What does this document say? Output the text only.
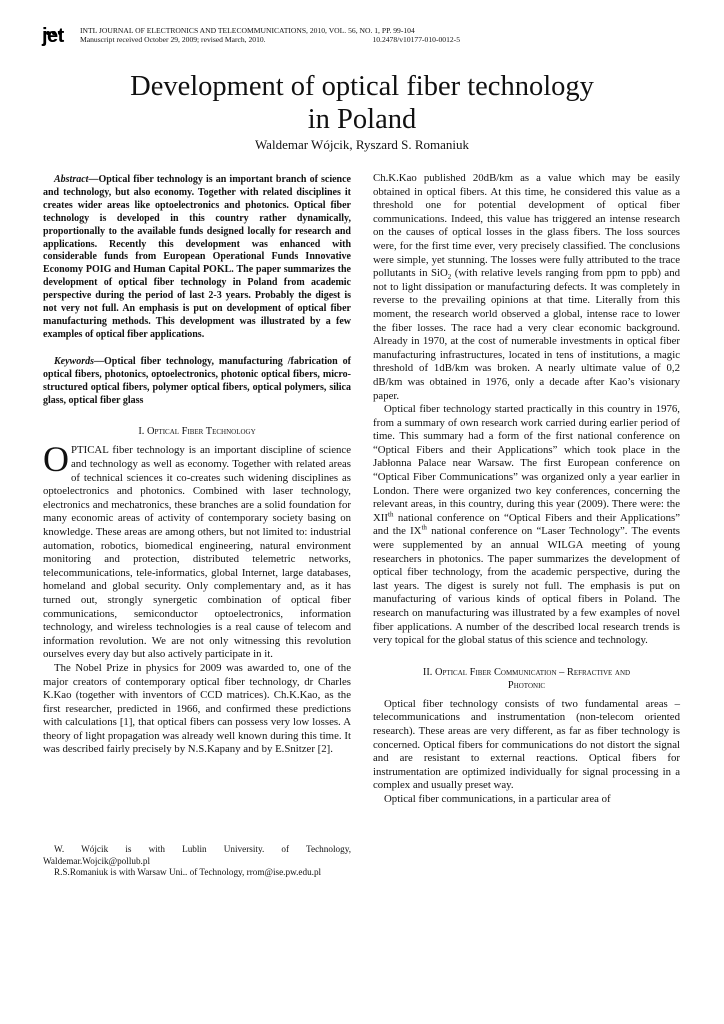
jet INTL JOURNAL OF ELECTRONICS AND TELECOMMUNICATIONS, 2010, VOL. 56, NO. 1, PP. 99-104
Manuscript received October 29, 2009; revised March, 2010.	10.2478/v10177-010-0012-5
Development of optical fiber technology
in Poland
Waldemar Wójcik, Ryszard S. Romaniuk

Abstract—Optical fiber technology is an important branch of science and technology, but also economy. Together with related disciplines it creates wider areas like optoelectronics and photonics. Optical fiber technology is developed in this country rather dynamically, proportionally to the available funds designed locally for research and applications. Recently this development was enhanced with considerable funds from European Operational Funds Innovative Economy POIG and Human Capital POKL. The paper summarizes the development of optical fiber technology in Poland from academic perspective during the period of last 2-3 years. Probably the digest is not very not full. An emphasis is put on development of optical fiber manufacturing methods. This development was illustrated by a few examples of optical fiber applications.

Keywords—Optical fiber technology, manufacturing /fabrication of optical fibers, photonics, optoelectronics, photonic optical fibers, micro-structured optical fibers, polymer optical fibers, optical polymers, silica glass, optical fiber glass

I. Optical Fiber Technology

OPTICAL fiber technology is an important discipline of science and technology as well as economy. Together with related areas of technical sciences it co-creates such widening disciplines as optoelectronics and photonics. Combined with laser technology, electronics and mechatronics, these branches are a solid foundation for many economic areas of activity of contemporary society basing on knowledge. These areas are among others, but not limited to: industrial automation, robotics, biomedical engineering, natural environment monitoring and protection, distributed telemetric networks, telecommunications, tele-informatics, global Internet, large databases, homeland and global security. Only complementary and, as it has turned out, strongly synergetic combination of optical fiber communications, semiconductor optoelectronics, information technology, and wireless technologies is a real cause of telecom and information revolution. We are not only witnessing this revolution ourselves every day but also actively participate in it.

The Nobel Prize in physics for 2009 was awarded to, one of the major creators of contemporary optical fiber technology, dr Charles K.Kao (together with inventors of CCD matrices). Ch.K.Kao, as the first researcher, predicted in 1966, and confirmed these predictions with calculations [1], that optical fibers can possess very low losses. A theory of light propagation was already well known during this time. It was described fairly precisely by N.S.Kapany and by E.Snitzer [2].

W. Wójcik is with Lublin University. of Technology, Waldemar.Wojcik@pollub.pl

R.S.Romaniuk is with Warsaw Uni.. of Technology, rrom@ise.pw.edu.pl

Ch.K.Kao published 20dB/km as a value which may be easily obtained in optical fibers. At this time, he considered this value as a threshold one for potential development of optical fiber communications. Indeed, this value has triggered an intense research on the causes of optical losses in the glass fibers. The loss sources were, for the first time ever, very precisely classified. The conclusions were simple, yet stunning. The losses were fully attributed to the trace pollutants in SiO$_2$ (with relative levels ranging from ppm to ppb) and not to light dissipation or manufacturing defects. It was completely in reverse to the prevailing opinions at that time. Literally from this moment, the research world observed a global, intense race to lower the fiber losses. The race had a very clear economic background. Already in 1970, at the cost of numerable investments in optical fiber manufacturing infrastructures, located in tens of institutions, a magic threshold of 1dB/km was broken. A nearly ultimate value of 0,2 dB/km was obtained in 1976, only a decade after Kao’s visionary paper.

Optical fiber technology started practically in this country in 1976, from a summary of own research work carried during earlier period of time. This summary had a form of the first national conference on “Optical Fibers and their Applications” which took place in the Jabłonna Palace near Warsaw. The first European conference on “Optical Fiber Communications” was organized only a year earlier in London. There were organized two key conferences, concerning the relevant areas, in this country, during this year (2009). There were: the XIIth national conference on “Optical Fibers and their Applications” and the IXth national conference on “Laser Technology”. The events were supplemented by an annual WILGA meeting of young researchers in photonics. The paper summarizes the development of optical fiber technology, from the academic perspective, during the last years. The digest is surely not full. The emphasis is put on manufacturing of various kinds of optical fibers in Poland. The research on manufacturing was illustrated by a few examples of novel fiber applications. A number of the described local research trends is very topical for the global status of this science and technology.

II. Optical Fiber Communication – Refractive and
Photonic

Optical fiber technology consists of two fundamental areas – telecommunications and instrumentation (non-telecom oriented research). These areas are very different, as far as fiber technology is concerned. Optical fibers for communications do not distort the signal and are resistant to external reactions. Optical fibers for instrumentation are optimized individually for signal processing in a complex and usually preset way.

Optical fiber communications, in a particular area of
